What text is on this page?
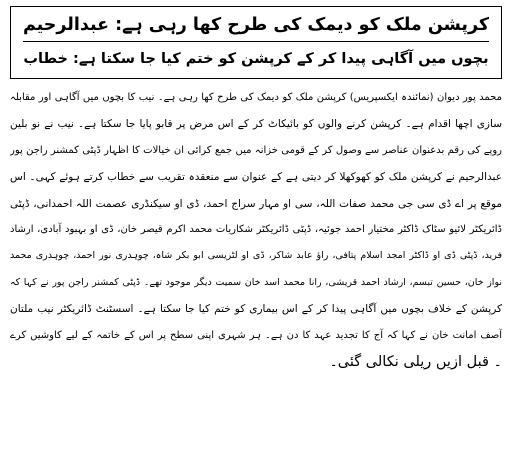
کرپشن ملک کو دیمک کی طرح کھا رہی ہے: عبدالرحیم
بچوں میں آگاہی پیدا کر کے کرپشن کو ختم کیا جا سکتا ہے: خطاب
محمد پور دیوان (نمائندہ ایکسپریس) کرپشن ملک کو دیمک کی طرح کھا رہی ہے۔ نیب کا بچوں میں آگاہی اور مقابلہ
سازی اچھا اقدام ہے۔ کرپشن کرنے والوں کو بائیکاٹ کر کے اس مرض پر قابو پایا جا سکتا ہے۔ نیب نے نو بلین
روپے کی رقم بدعنوان عناصر سے وصول کر کے قومی خزانہ میں جمع کرائی ان خیالات کا اظہار ڈپٹی کمشنر راجن پور
عبدالرحیم نے کرپشن ملک کو کھوکھلا کر دیتی ہے کے عنوان سے منعقدہ تقریب سے خطاب کرتے ہوئے کہی۔ اس
موقع پر اے ڈی سی جی محمد صفات اللہ، سی او مہار سراج احمد، ڈی او سیکنڈری عصمت اللہ احمدانی، ڈپٹی
ڈائریکٹر لائیو سٹاک ڈاکٹر مختیار احمد جوئیہ، ڈپٹی ڈائریکٹر شکاریات محمد اکرم قیصر خان، ڈی او بہبود آبادی، ارشاد
فرید، ڈپٹی ڈی او ڈاکٹر امجد اسلام پتافی، راؤ عابد شاکر، ڈی او لٹریسی ابو بکر شاہ، چوہدری نور احمد، چوہدری محمد
نواز خان، حسین تبسم، ارشاد احمد قریشی، رانا محمد اسد خان سمیت دیگر موجود تھے۔ ڈپٹی کمشنر راجن پور نے کہا کہ
کرپشن کے خلاف بچوں میں آگاہی پیدا کر کے اس بیماری کو ختم کیا جا سکتا ہے۔ اسسٹنٹ ڈائریکٹر نیب ملتان
آصف امانت خان نے کہا کہ آج کا تجدید عہد کا دن ہے۔ ہر شہری اپنی سطح پر اس کے خاتمہ کے لیے کاوشیں کرے
۔ قبل ازیں ریلی نکالی گئی۔
